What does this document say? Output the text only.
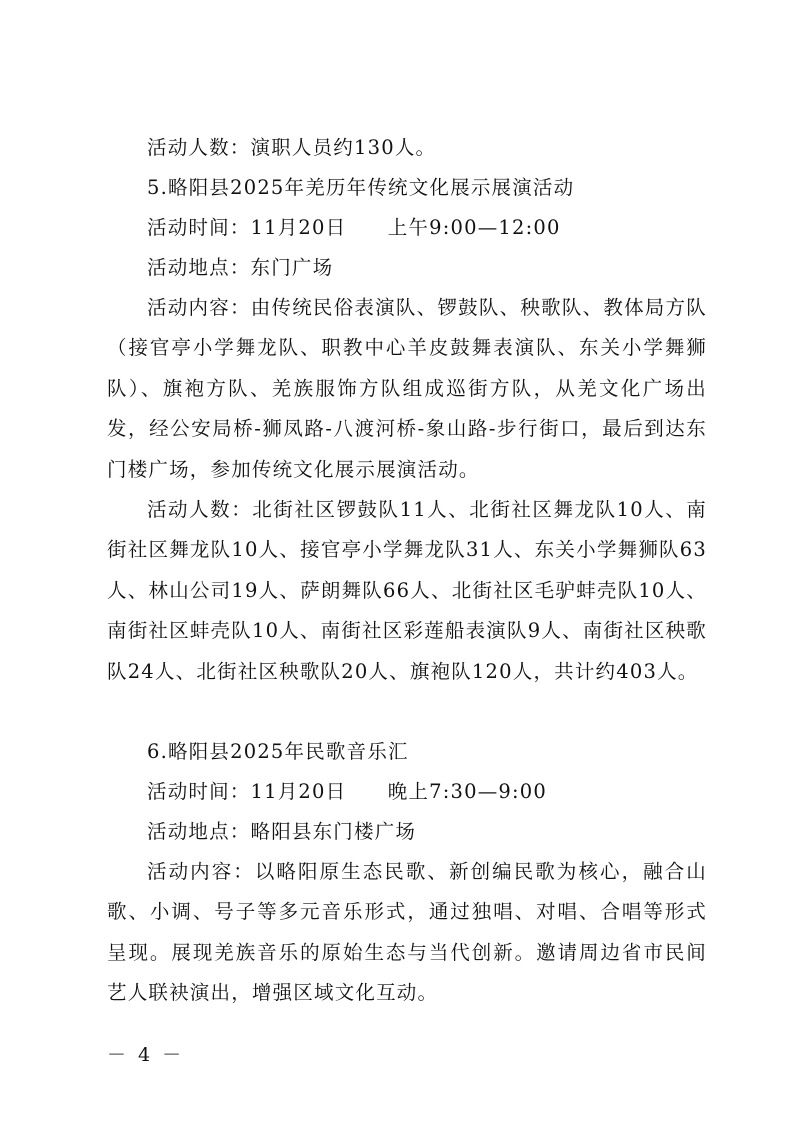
活动人数：演职人员约130人。

5.略阳县2025年羌历年传统文化展示展演活动

活动时间：11月20日　　上午9:00—12:00

活动地点：东门广场

活动内容：由传统民俗表演队、锣鼓队、秧歌队、教体局方队（接官亭小学舞龙队、职教中心羊皮鼓舞表演队、东关小学舞狮队）、旗袍方队、羌族服饰方队组成巡街方队，从羌文化广场出发，经公安局桥-狮凤路-八渡河桥-象山路-步行街口，最后到达东门楼广场，参加传统文化展示展演活动。

活动人数：北街社区锣鼓队11人、北街社区舞龙队10人、南街社区舞龙队10人、接官亭小学舞龙队31人、东关小学舞狮队63人、林山公司19人、萨朗舞队66人、北街社区毛驴蚌壳队10人、南街社区蚌壳队10人、南街社区彩莲船表演队9人、南街社区秧歌队24人、北街社区秧歌队20人、旗袍队120人，共计约403人。

6.略阳县2025年民歌音乐汇

活动时间：11月20日　　晚上7:30—9:00

活动地点：略阳县东门楼广场

活动内容：以略阳原生态民歌、新创编民歌为核心，融合山歌、小调、号子等多元音乐形式，通过独唱、对唱、合唱等形式呈现。展现羌族音乐的原始生态与当代创新。邀请周边省市民间艺人联袂演出，增强区域文化互动。

－ 4 －
